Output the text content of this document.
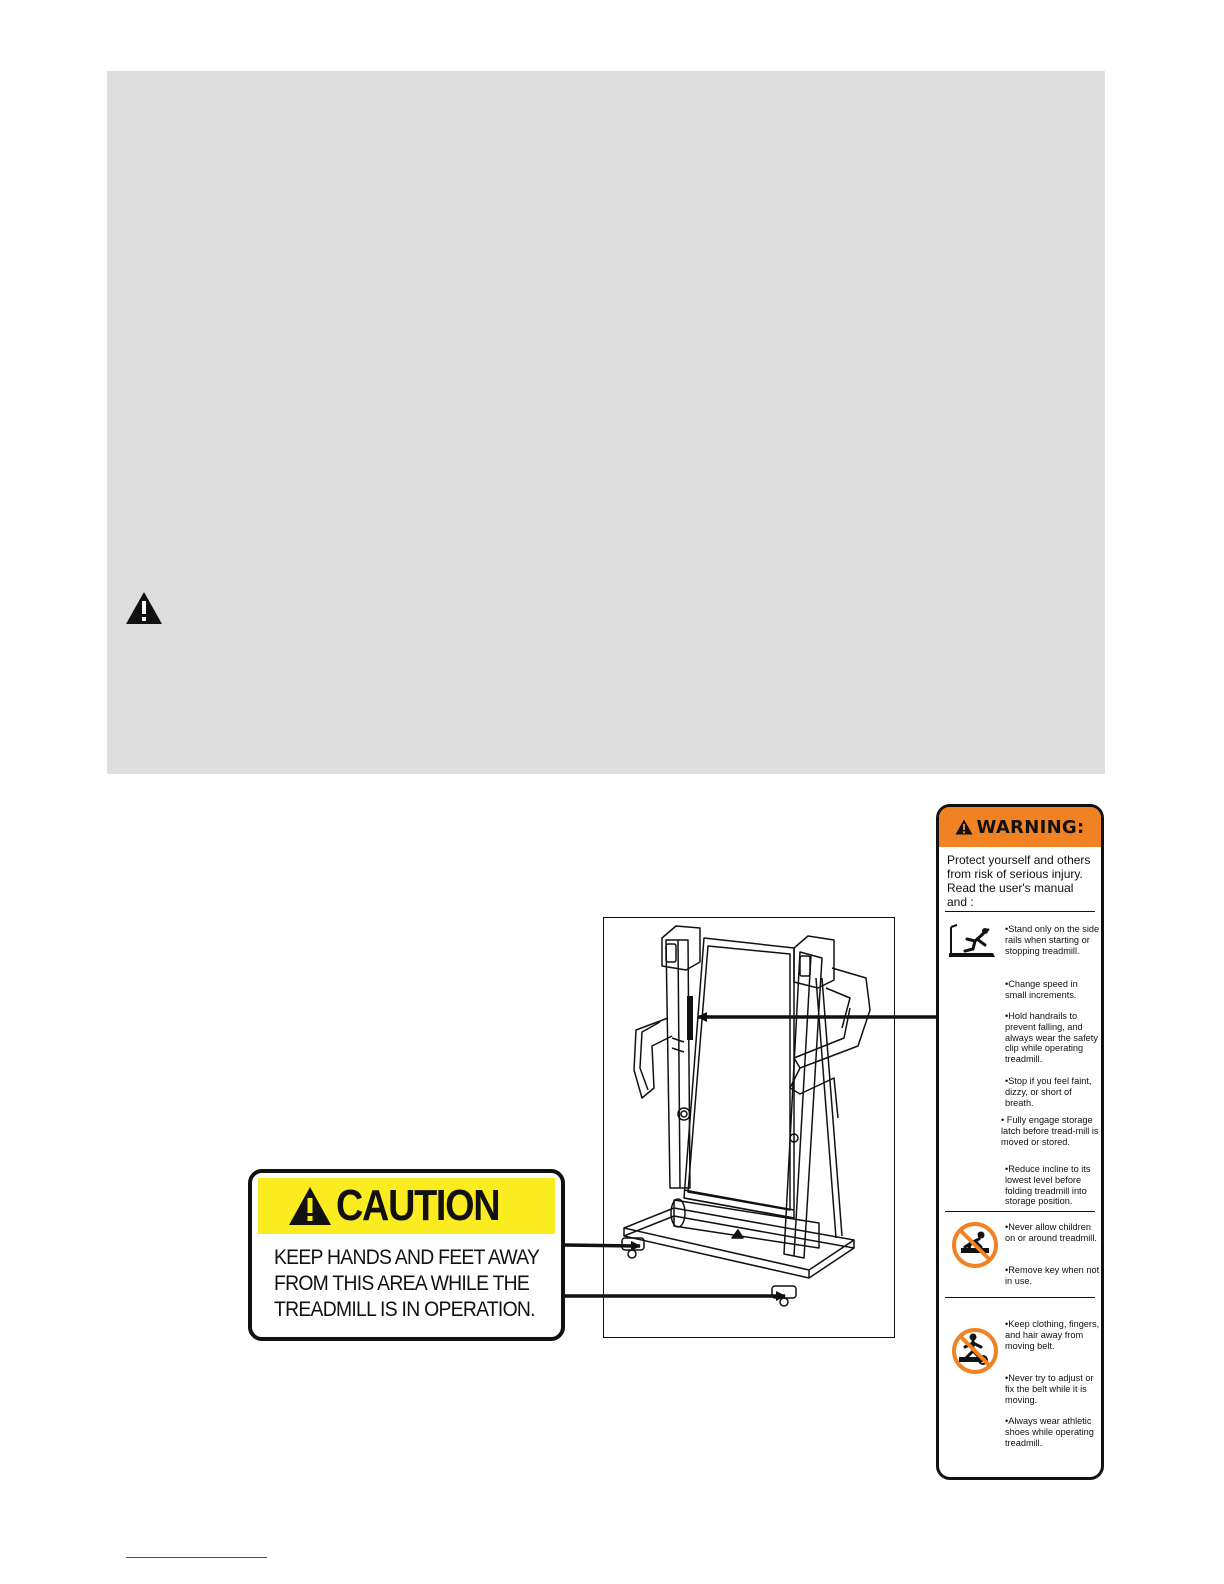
WARNING:
Protect yourself and others from risk of serious injury. Read the user's manual and :
•Stand only on the side rails when starting or stopping treadmill.
•Change speed in small increments.
•Hold handrails to prevent falling, and always wear the safety clip while operating treadmill.
•Stop if you feel faint, dizzy, or short of breath.
• Fully engage storage latch before tread-mill is moved or stored.
•Reduce incline to its lowest level before folding treadmill into storage position.
•Never allow children on or around treadmill.
•Remove key when not in use.
•Keep clothing, fingers, and hair away from moving belt.
•Never try to adjust or fix the belt while it is moving.
•Always wear athletic shoes while operating treadmill.
CAUTION
KEEP HANDS AND FEET AWAY
FROM THIS AREA WHILE THE
TREADMILL IS IN OPERATION.
